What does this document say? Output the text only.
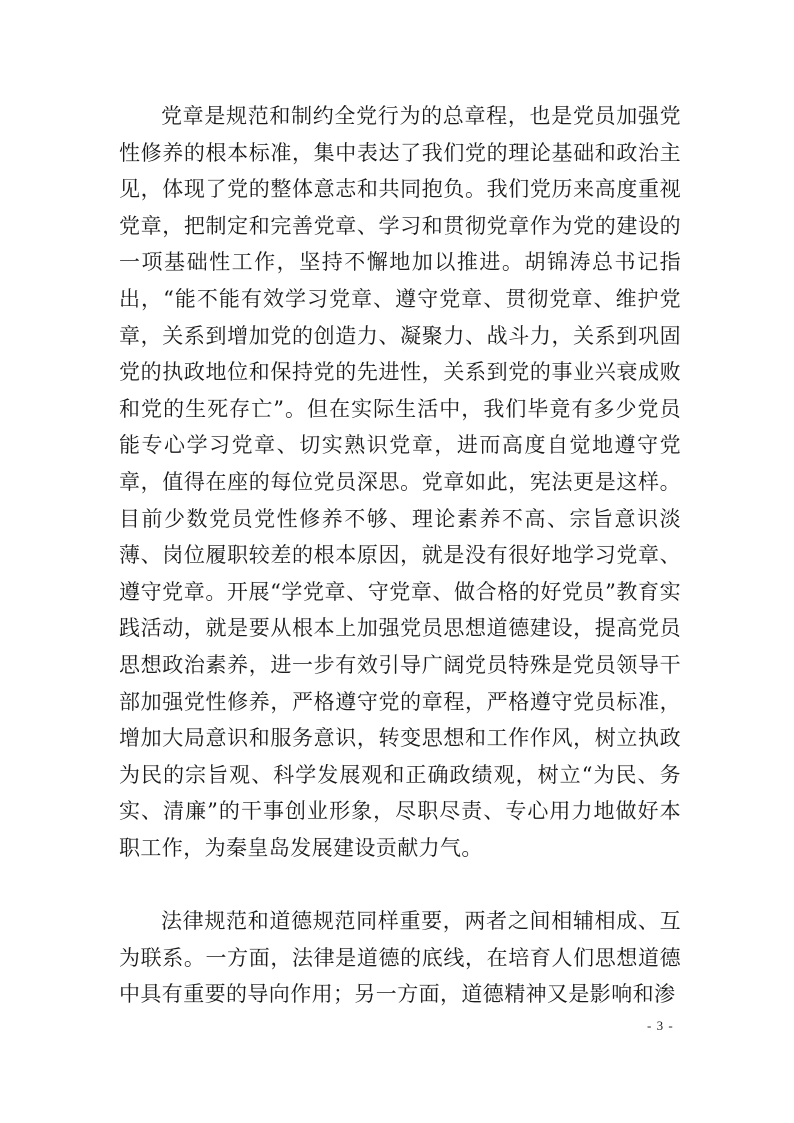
党章是规范和制约全党行为的总章程，也是党员加强党性修养的根本标准，集中表达了我们党的理论基础和政治主见，体现了党的整体意志和共同抱负。我们党历来高度重视党章，把制定和完善党章、学习和贯彻党章作为党的建设的一项基础性工作，坚持不懈地加以推进。胡锦涛总书记指出，“能不能有效学习党章、遵守党章、贯彻党章、维护党章，关系到增加党的创造力、凝聚力、战斗力，关系到巩固党的执政地位和保持党的先进性，关系到党的事业兴衰成败和党的生死存亡”。但在实际生活中，我们毕竟有多少党员能专心学习党章、切实熟识党章，进而高度自觉地遵守党章，值得在座的每位党员深思。党章如此，宪法更是这样。目前少数党员党性修养不够、理论素养不高、宗旨意识淡薄、岗位履职较差的根本原因，就是没有很好地学习党章、遵守党章。开展“学党章、守党章、做合格的好党员”教育实践活动，就是要从根本上加强党员思想道德建设，提高党员思想政治素养，进一步有效引导广阔党员特殊是党员领导干部加强党性修养，严格遵守党的章程，严格遵守党员标准，增加大局意识和服务意识，转变思想和工作作风，树立执政为民的宗旨观、科学发展观和正确政绩观，树立“为民、务实、清廉”的干事创业形象，尽职尽责、专心用力地做好本职工作，为秦皇岛发展建设贡献力气。

法律规范和道德规范同样重要，两者之间相辅相成、互为联系。一方面，法律是道德的底线，在培育人们思想道德中具有重要的导向作用；另一方面，道德精神又是影响和渗

- 3 -
